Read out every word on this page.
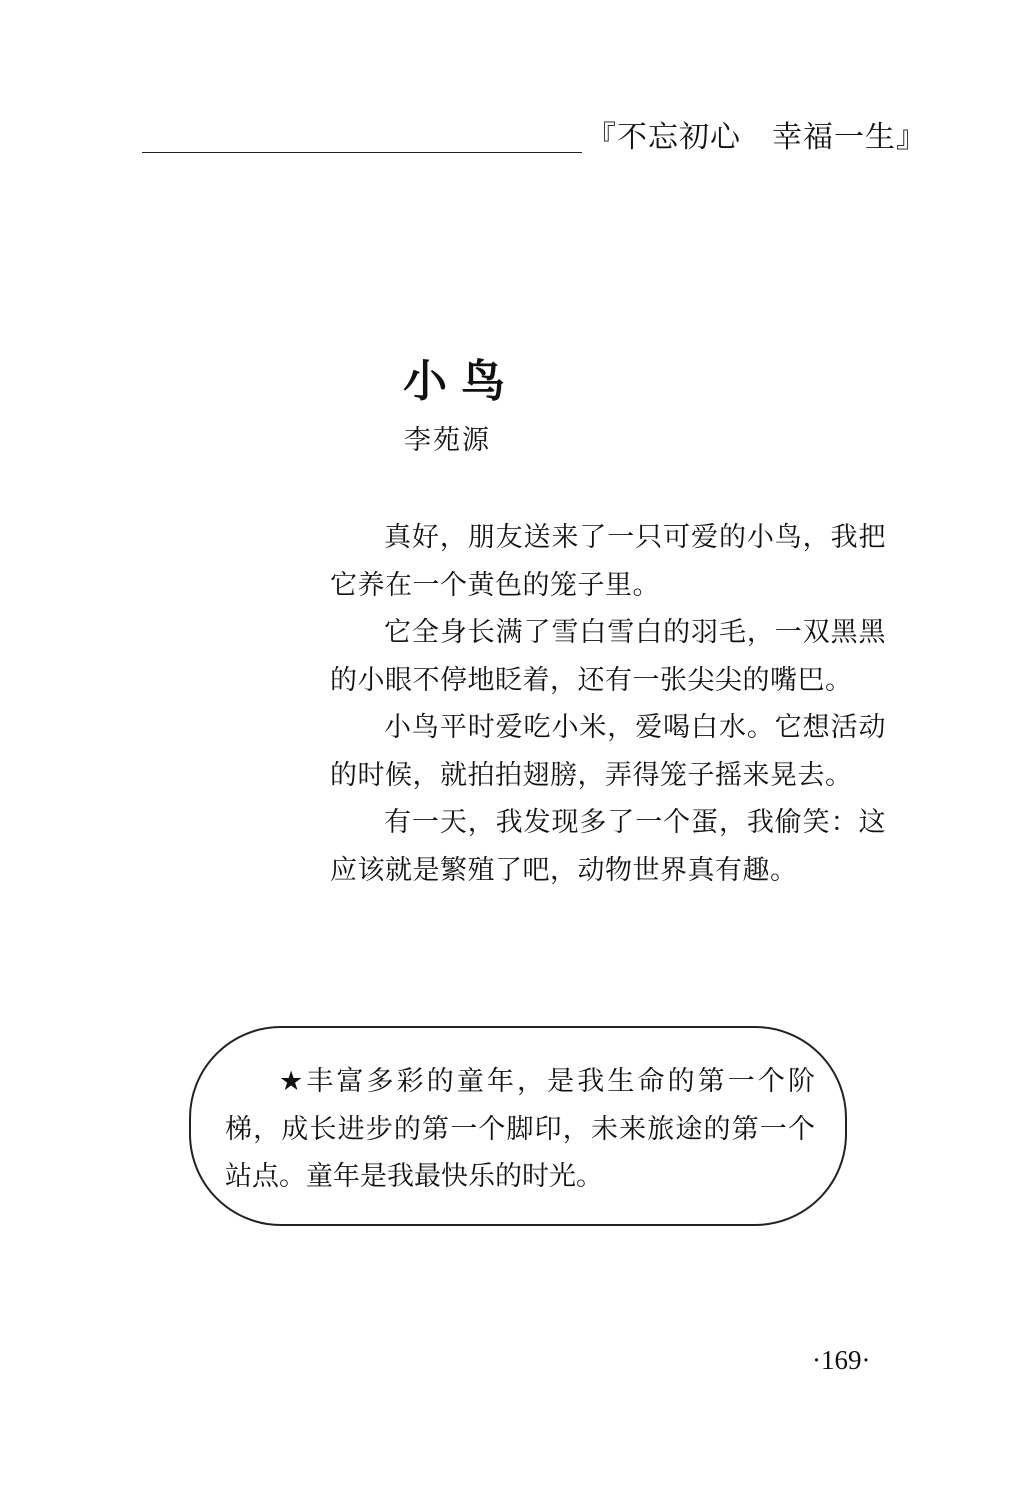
『不忘初心　幸福一生』
小鸟
李苑源

真好，朋友送来了一只可爱的小鸟，我把它养在一个黄色的笼子里。

它全身长满了雪白雪白的羽毛，一双黑黑的小眼不停地眨着，还有一张尖尖的嘴巴。

小鸟平时爱吃小米，爱喝白水。它想活动的时候，就拍拍翅膀，弄得笼子摇来晃去。

有一天，我发现多了一个蛋，我偷笑：这应该就是繁殖了吧，动物世界真有趣。

★丰富多彩的童年，是我生命的第一个阶梯，成长进步的第一个脚印，未来旅途的第一个站点。童年是我最快乐的时光。

·169·
